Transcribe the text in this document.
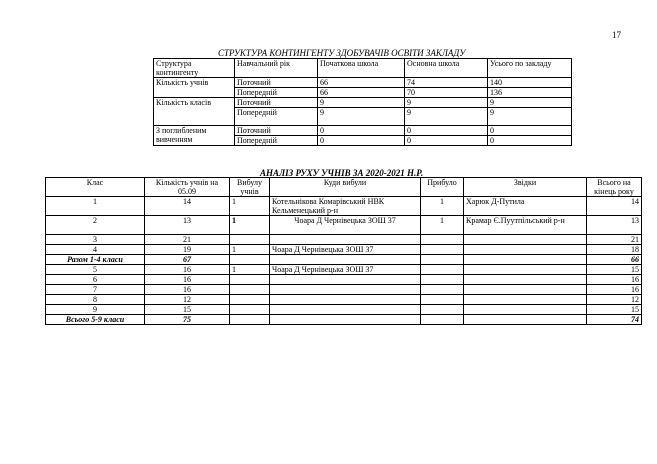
17
СТРУКТУРА КОНТИНГЕНТУ ЗДОБУВАЧІВ ОСВІТИ ЗАКЛАДУ
Структура контингенту	Навчальний рік	Початкова школа	Основна школа	Усього по закладу
Кількість учнів	Поточний	66	74	140
	Попередній	66	70	136
Кількість класів	Поточний	9	9	9
	Попередній	9	9	9
З поглибленим вивченням	Поточний	0	0	0
	Попередній	0	0	0
АНАЛІЗ РУХУ УЧНІВ ЗА 2020-2021 Н.Р.
Клас	Кількість учнів на 05.09	Вибулу учнів	Куди вибули	Прибуло	Звідки	Всього на кінець року
1	14	1	Котельнікова Комарівський НВК Кельменецький р-н	1	Харюк Д-Путила	14
2	13	1	Чоара Д Чернівецька ЗОШ 37	1	Крамар Є.Пуутпільський р-н	13
3	21					21
4	19	1	Чоара Д Чернівецька ЗОШ 37			18
Разом 1-4 класи	67					66
5	16	1	Чоара Д Чернівецька ЗОШ 37			15
6	16					16
7	16					16
8	12					12
9	15					15
Всього 5-9 класи	75					74
